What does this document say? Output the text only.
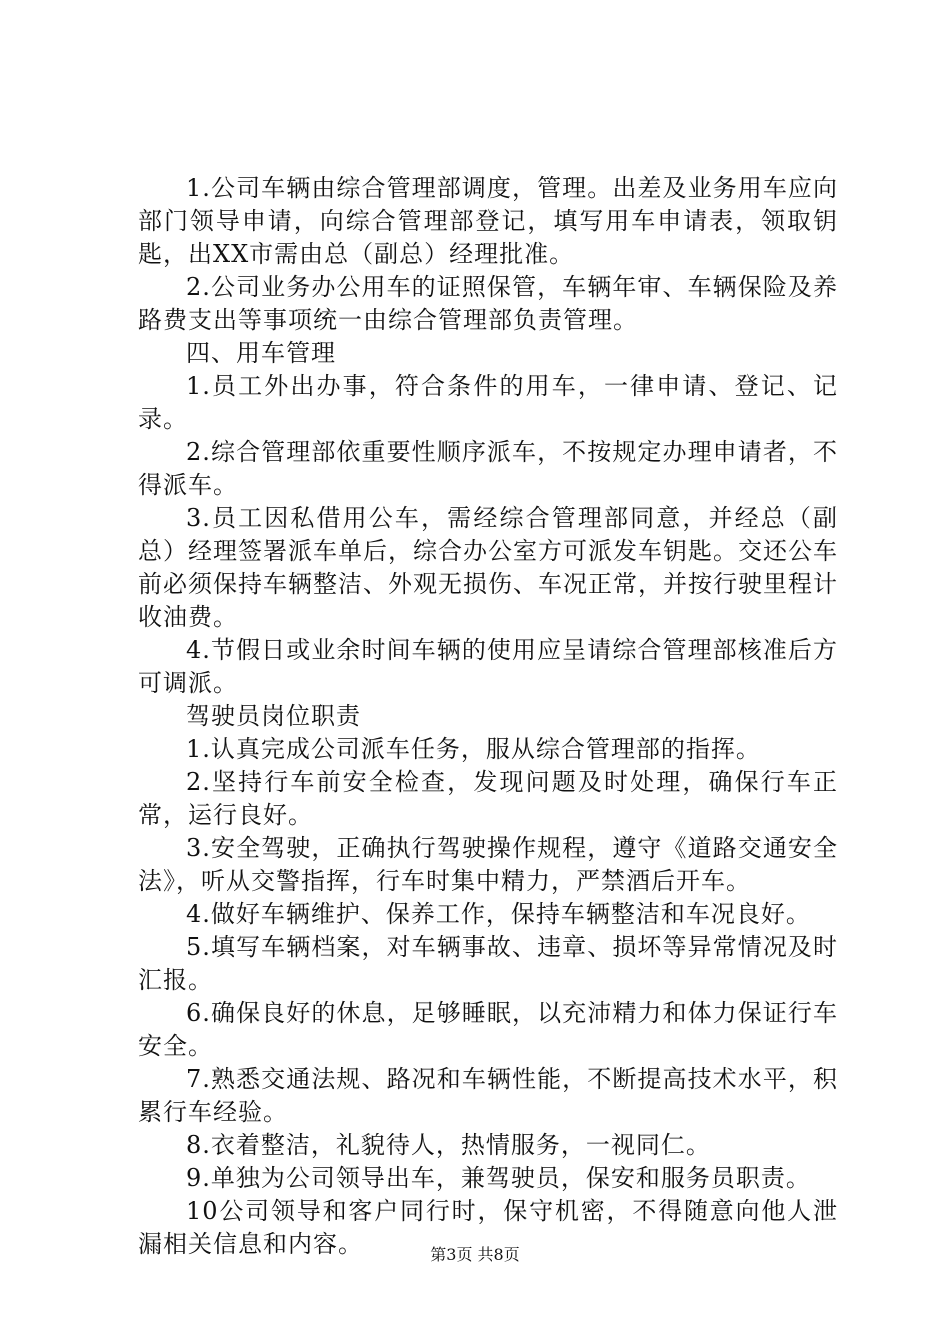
1.公司车辆由综合管理部调度，管理。出差及业务用车应向部门领导申请，向综合管理部登记，填写用车申请表，领取钥匙，出XX市需由总（副总）经理批准。

2.公司业务办公用车的证照保管，车辆年审、车辆保险及养路费支出等事项统一由综合管理部负责管理。

四、用车管理

1.员工外出办事，符合条件的用车，一律申请、登记、记录。

2.综合管理部依重要性顺序派车，不按规定办理申请者，不得派车。

3.员工因私借用公车，需经综合管理部同意，并经总（副总）经理签署派车单后，综合办公室方可派发车钥匙。交还公车前必须保持车辆整洁、外观无损伤、车况正常，并按行驶里程计收油费。

4.节假日或业余时间车辆的使用应呈请综合管理部核准后方可调派。

驾驶员岗位职责

1.认真完成公司派车任务，服从综合管理部的指挥。

2.坚持行车前安全检查，发现问题及时处理，确保行车正常，运行良好。

3.安全驾驶，正确执行驾驶操作规程，遵守《道路交通安全法》，听从交警指挥，行车时集中精力，严禁酒后开车。

4.做好车辆维护、保养工作，保持车辆整洁和车况良好。

5.填写车辆档案，对车辆事故、违章、损坏等异常情况及时汇报。

6.确保良好的休息，足够睡眠，以充沛精力和体力保证行车安全。

7.熟悉交通法规、路况和车辆性能，不断提高技术水平，积累行车经验。

8.衣着整洁，礼貌待人，热情服务，一视同仁。

9.单独为公司领导出车，兼驾驶员，保安和服务员职责。

10公司领导和客户同行时，保守机密，不得随意向他人泄漏相关信息和内容。	第3页 共8页
